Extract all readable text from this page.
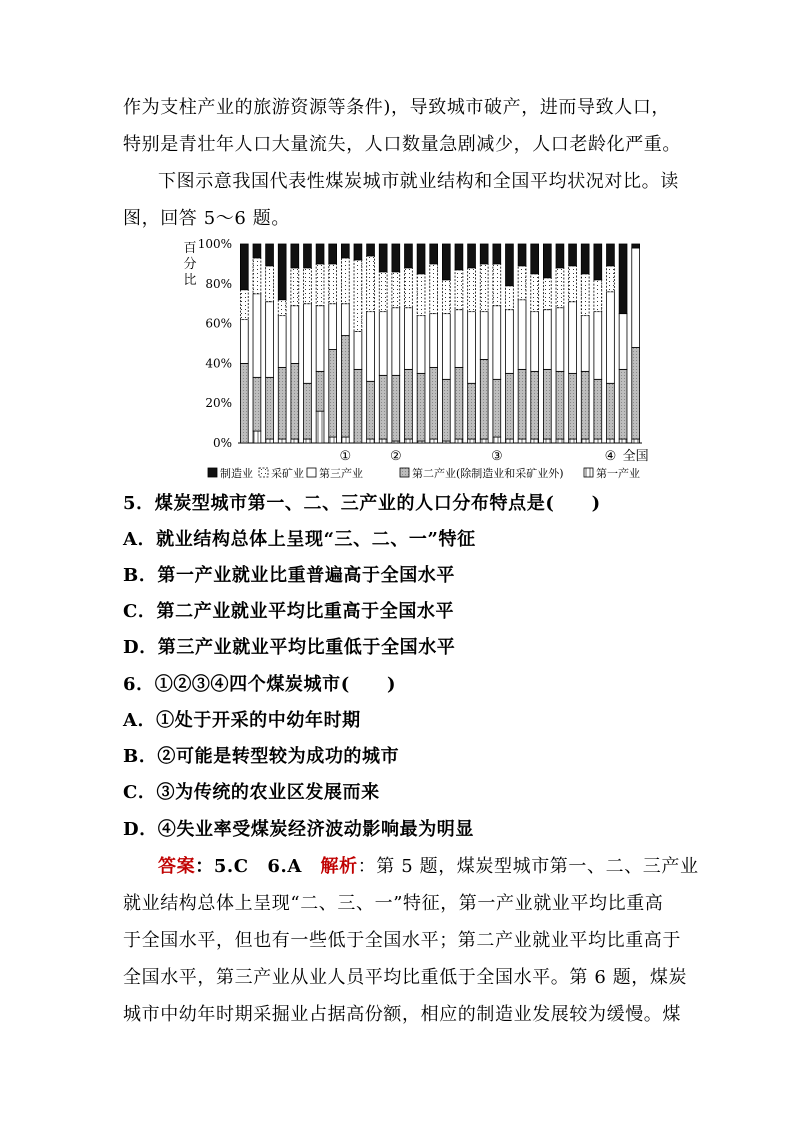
作为支柱产业的旅游资源等条件)，导致城市破产，进而导致人口，
特别是青壮年人口大量流失，人口数量急剧减少，人口老龄化严重。
下图示意我国代表性煤炭城市就业结构和全国平均状况对比。读
图，回答 5～6 题。
0%
20%
40%
60%
80%
100%
百
分
比
①	②	③	④ 全国
制造业 采矿业 第三产业	第二产业(除制造业和采矿业外)	第一产业
5．煤炭型城市第一、二、三产业的人口分布特点是(　　)
A．就业结构总体上呈现“三、二、一”特征
B．第一产业就业比重普遍高于全国水平
C．第二产业就业平均比重高于全国水平
D．第三产业就业平均比重低于全国水平
6．①②③④四个煤炭城市(　　)
A．①处于开采的中幼年时期
B．②可能是转型较为成功的城市
C．③为传统的农业区发展而来
D．④失业率受煤炭经济波动影响最为明显
答案：5.C　6.A　解析：第 5 题，煤炭型城市第一、二、三产业
就业结构总体上呈现“二、三、一”特征，第一产业就业平均比重高
于全国水平，但也有一些低于全国水平；第二产业就业平均比重高于
全国水平，第三产业从业人员平均比重低于全国水平。第 6 题，煤炭
城市中幼年时期采掘业占据高份额，相应的制造业发展较为缓慢。煤
